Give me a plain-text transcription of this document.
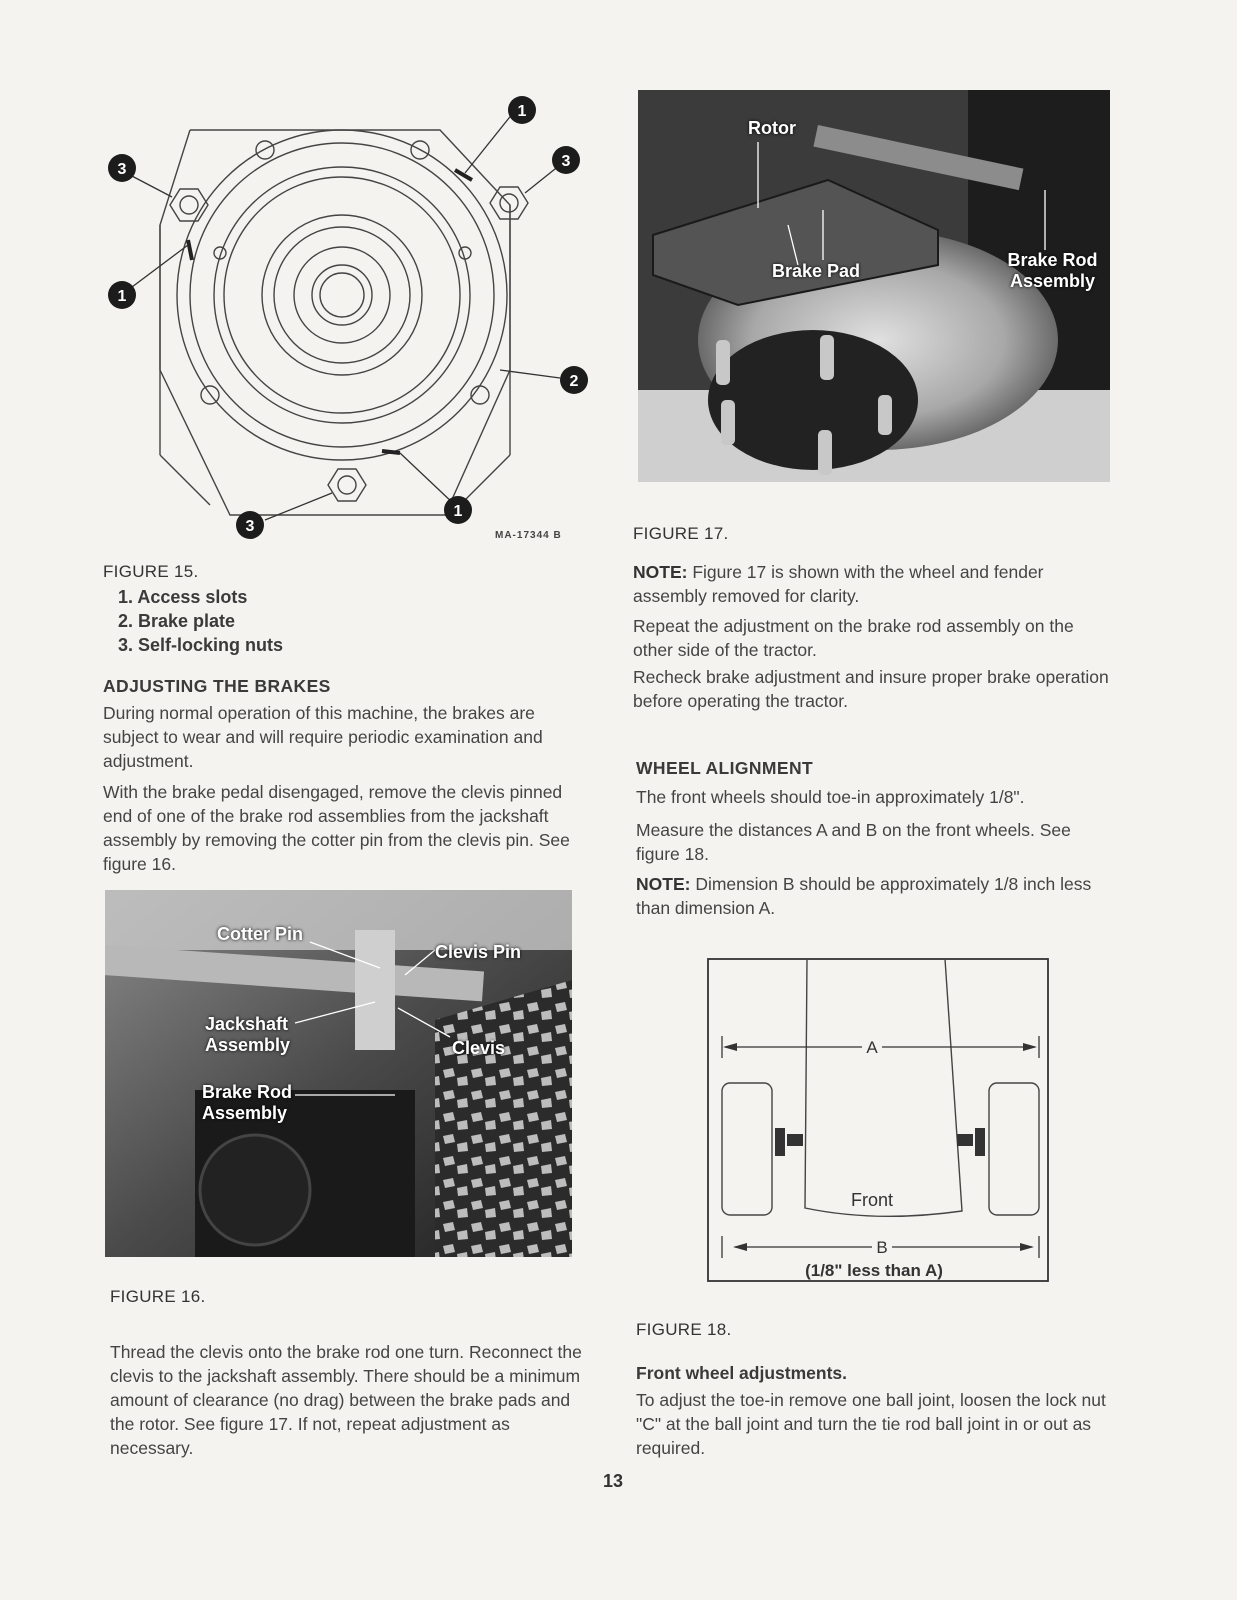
1
3	3
1
2
1
3
MA-17344 B
FIGURE 15.
1. Access slots
2. Brake plate
3. Self-locking nuts
ADJUSTING THE BRAKES

During normal operation of this machine, the brakes are subject to wear and will require periodic examination and adjustment.

With the brake pedal disengaged, remove the clevis pinned end of one of the brake rod assemblies from the jackshaft assembly by removing the cotter pin from the clevis pin. See figure 16.

Cotter Pin
Clevis Pin
Jackshaft Assembly	Clevis
Brake Rod Assembly
FIGURE 16.

Thread the clevis onto the brake rod one turn. Reconnect the clevis to the jackshaft assembly. There should be a minimum amount of clearance (no drag) between the brake pads and the rotor. See figure 17. If not, repeat adjustment as necessary.

Rotor
Brake Pad
Brake Rod Assembly
FIGURE 17.

NOTE: Figure 17 is shown with the wheel and fender assembly removed for clarity.

Repeat the adjustment on the brake rod assembly on the other side of the tractor.

Recheck brake adjustment and insure proper brake operation before operating the tractor.

WHEEL ALIGNMENT

The front wheels should toe-in approximately 1/8".

Measure the distances A and B on the front wheels. See figure 18.

NOTE: Dimension B should be approximately 1/8 inch less than dimension A.

A
Front
B
(1/8" less than A)
FIGURE 18.
Front wheel adjustments.

To adjust the toe-in remove one ball joint, loosen the lock nut "C" at the ball joint and turn the tie rod ball joint in or out as required.

13
